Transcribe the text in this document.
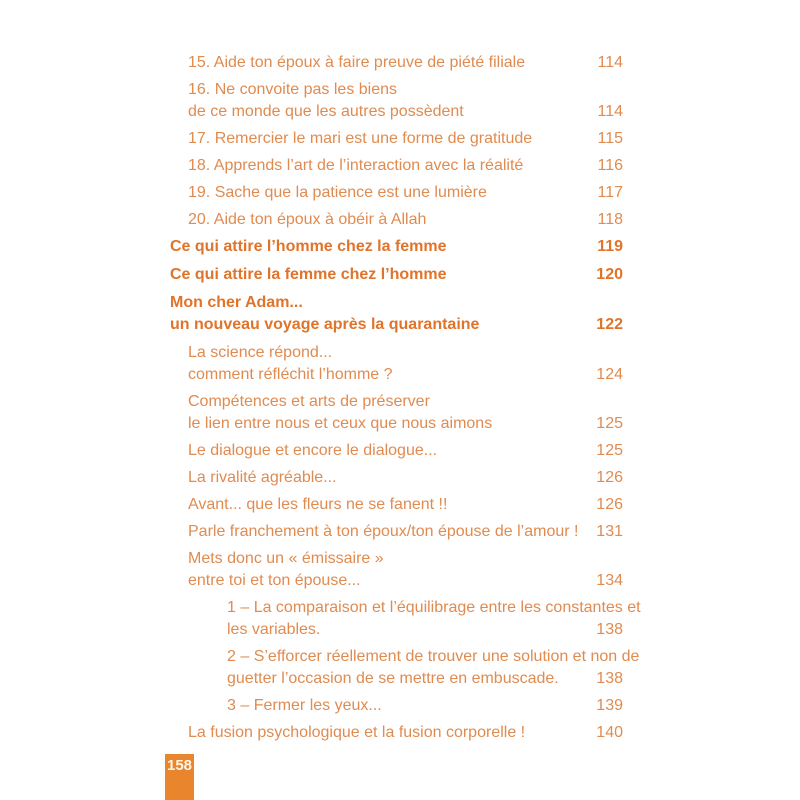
15. Aide ton époux à faire preuve de piété filiale	114
16. Ne convoite pas les biens
de ce monde que les autres possèdent	114
17. Remercier le mari est une forme de gratitude	115
18. Apprends l’art de l’interaction avec la réalité	116
19. Sache que la patience est une lumière	117
20. Aide ton époux à obéir à Allah	118
Ce qui attire l’homme chez la femme	119
Ce qui attire la femme chez l’homme	120
Mon cher Adam...
un nouveau voyage après la quarantaine	122
La science répond...
comment réfléchit l’homme ?	124
Compétences et arts de préserver
le lien entre nous et ceux que nous aimons	125
Le dialogue et encore le dialogue...	125
La rivalité agréable...	126
Avant... que les fleurs ne se fanent !!	126
Parle franchement à ton époux/ton épouse de l’amour !	131
Mets donc un « émissaire »
entre toi et ton épouse...	134
1 – La comparaison et l’équilibrage entre les constantes et
les variables.	138
2 – S’efforcer réellement de trouver une solution et non de
guetter l’occasion de se mettre en embuscade.	138
3 – Fermer les yeux...	139
La fusion psychologique et la fusion corporelle !	140
158
